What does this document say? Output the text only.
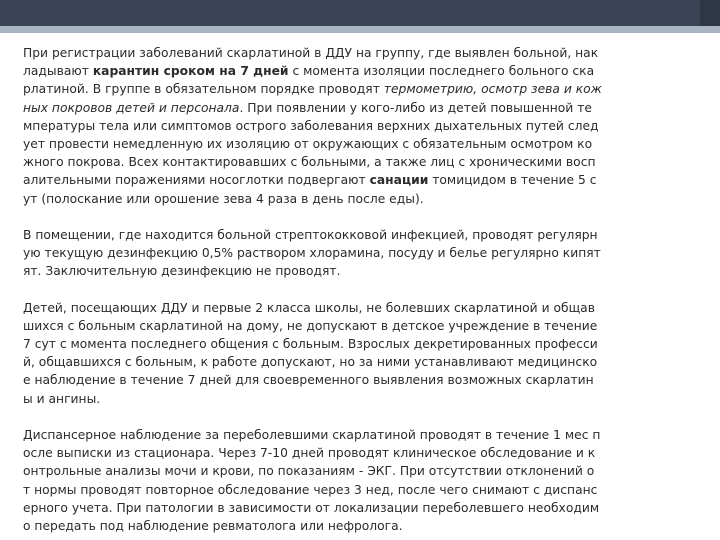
При регистрации заболеваний скарлатиной в ДДУ на группу, где выявлен больной, нак
ладывают карантин сроком на 7 дней с момента изоляции последнего больного ска
рлатиной. В группе в обязательном порядке проводят термометрию, осмотр зева и кож
ных покровов детей и персонала. При появлении у кого-либо из детей повышенной те
мпературы тела или симптомов острого заболевания верхних дыхательных путей след
ует провести немедленную их изоляцию от окружающих с обязательным осмотром ко
жного покрова. Всех контактировавших с больными, а также лиц с хроническими восп
алительными поражениями носоглотки подвергают санации томицидом в течение 5 с
ут (полоскание или орошение зева 4 раза в день после еды).
В помещении, где находится больной стрептококковой инфекцией, проводят регулярн
ую текущую дезинфекцию 0,5% раствором хлорамина, посуду и белье регулярно кипят
ят. Заключительную дезинфекцию не проводят.
Детей, посещающих ДДУ и первые 2 класса школы, не болевших скарлатиной и общав
шихся с больным скарлатиной на дому, не допускают в детское учреждение в течение
7 сут с момента последнего общения с больным. Взрослых декретированных професси
й, общавшихся с больным, к работе допускают, но за ними устанавливают медицинско
е наблюдение в течение 7 дней для своевременного выявления возможных скарлатин
ы и ангины.
Диспансерное наблюдение за переболевшими скарлатиной проводят в течение 1 мес п
осле выписки из стационара. Через 7-10 дней проводят клиническое обследование и к
онтрольные анализы мочи и крови, по показаниям - ЭКГ. При отсутствии отклонений о
т нормы проводят повторное обследование через 3 нед, после чего снимают с диспанс
ерного учета. При патологии в зависимости от локализации переболевшего необходим
о передать под наблюдение ревматолога или нефролога.
